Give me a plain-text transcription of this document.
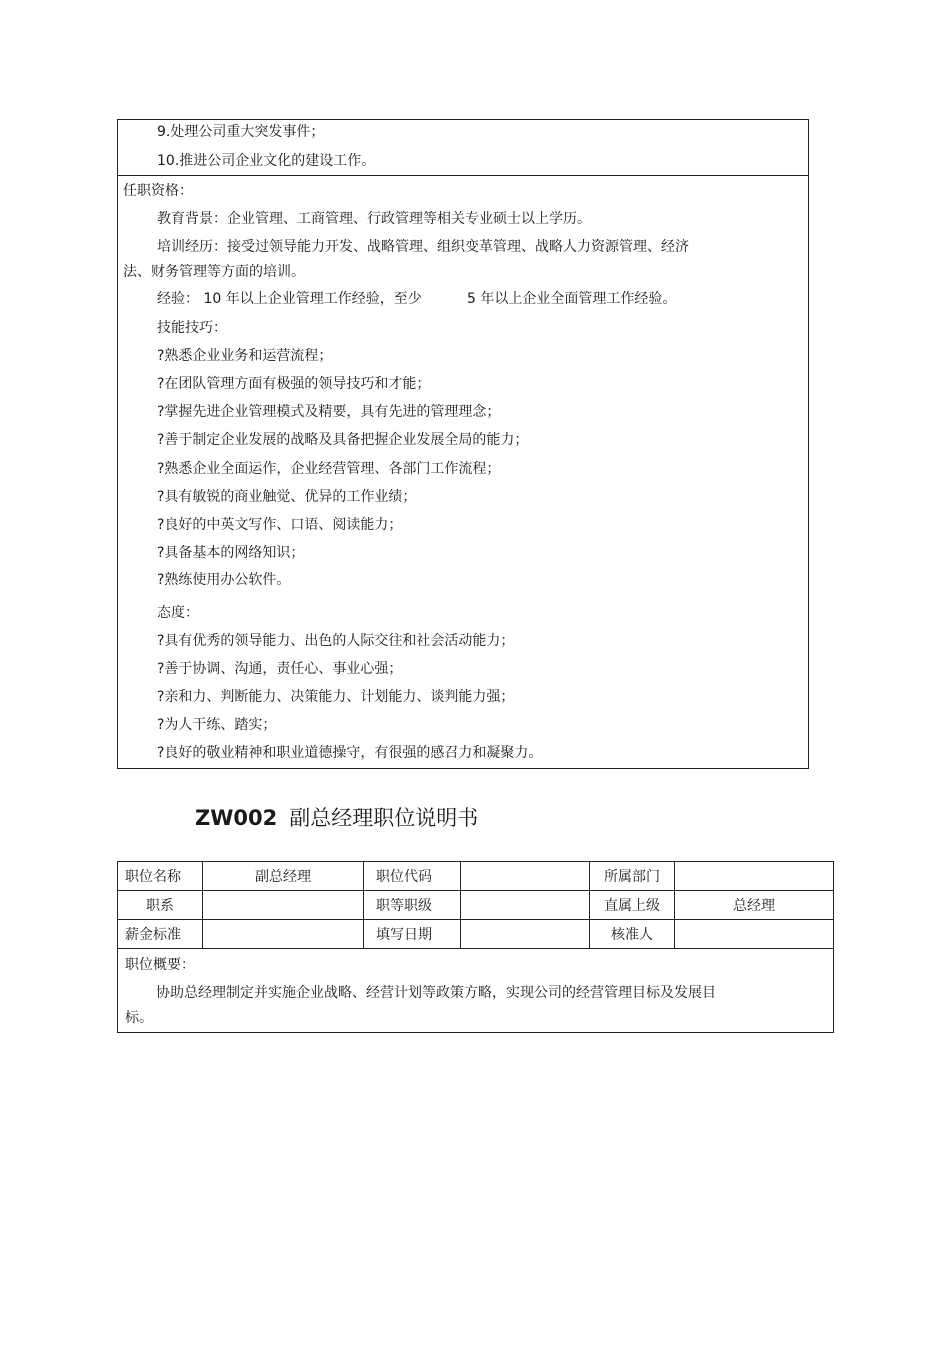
9.处理公司重大突发事件；
10.推进公司企业文化的建设工作。
任职资格：
教育背景：企业管理、工商管理、行政管理等相关专业硕士以上学历。
培训经历：接受过领导能力开发、战略管理、组织变革管理、战略人力资源管理、经济
法、财务管理等方面的培训。
经验： 10 年以上企业管理工作经验，至少	5 年以上企业全面管理工作经验。
技能技巧：
?熟悉企业业务和运营流程；
?在团队管理方面有极强的领导技巧和才能；
?掌握先进企业管理模式及精要，具有先进的管理理念；
?善于制定企业发展的战略及具备把握企业发展全局的能力；
?熟悉企业全面运作，企业经营管理、各部门工作流程；
?具有敏锐的商业触觉、优异的工作业绩；
?良好的中英文写作、口语、阅读能力；
?具备基本的网络知识；
?熟练使用办公软件。
态度：
?具有优秀的领导能力、出色的人际交往和社会活动能力；
?善于协调、沟通，责任心、事业心强；
?亲和力、判断能力、决策能力、计划能力、谈判能力强；
?为人干练、踏实；
?良好的敬业精神和职业道德操守，有很强的感召力和凝聚力。
ZW002 副总经理职位说明书
职位名称	副总经理	职位代码		所属部门	
职系		职等职级		直属上级	总经理
薪金标准		填写日期		核准人	

职位概要：
协助总经理制定并实施企业战略、经营计划等政策方略，实现公司的经营管理目标及发展目
标。					
